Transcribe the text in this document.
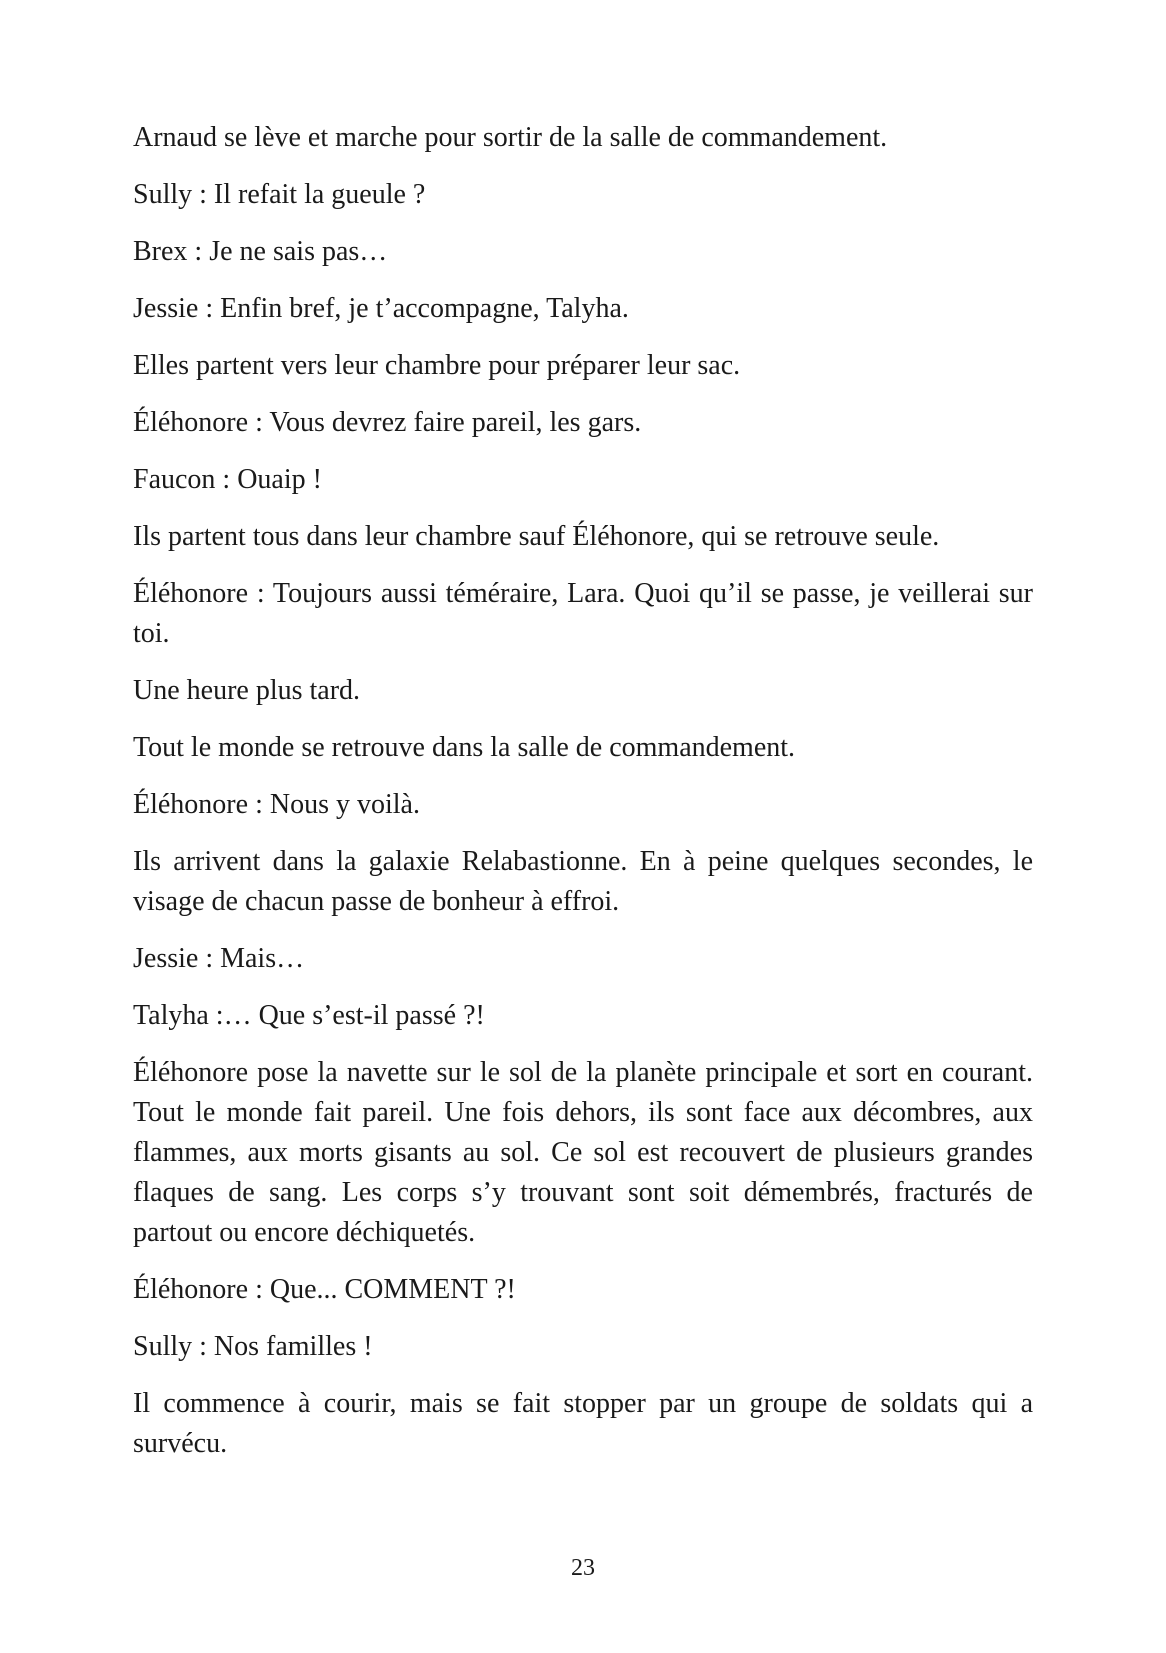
Arnaud se lève et marche pour sortir de la salle de commandement.

Sully : Il refait la gueule ?

Brex : Je ne sais pas…

Jessie : Enfin bref, je t’accompagne, Talyha.

Elles partent vers leur chambre pour préparer leur sac.

Éléhonore : Vous devrez faire pareil, les gars.

Faucon : Ouaip !

Ils partent tous dans leur chambre sauf Éléhonore, qui se retrouve seule.

Éléhonore : Toujours aussi téméraire, Lara. Quoi qu’il se passe, je veillerai sur toi.

Une heure plus tard.

Tout le monde se retrouve dans la salle de commandement.

Éléhonore : Nous y voilà.

Ils arrivent dans la galaxie Relabastionne. En à peine quelques secondes, le visage de chacun passe de bonheur à effroi.

Jessie : Mais…

Talyha :… Que s’est-il passé ?!

Éléhonore pose la navette sur le sol de la planète principale et sort en courant. Tout le monde fait pareil. Une fois dehors, ils sont face aux décombres, aux flammes, aux morts gisants au sol. Ce sol est recouvert de plusieurs grandes flaques de sang. Les corps s’y trouvant sont soit démembrés, fracturés de partout ou encore déchiquetés.

Éléhonore : Que... COMMENT ?!

Sully : Nos familles !

Il commence à courir, mais se fait stopper par un groupe de soldats qui a survécu.

23
